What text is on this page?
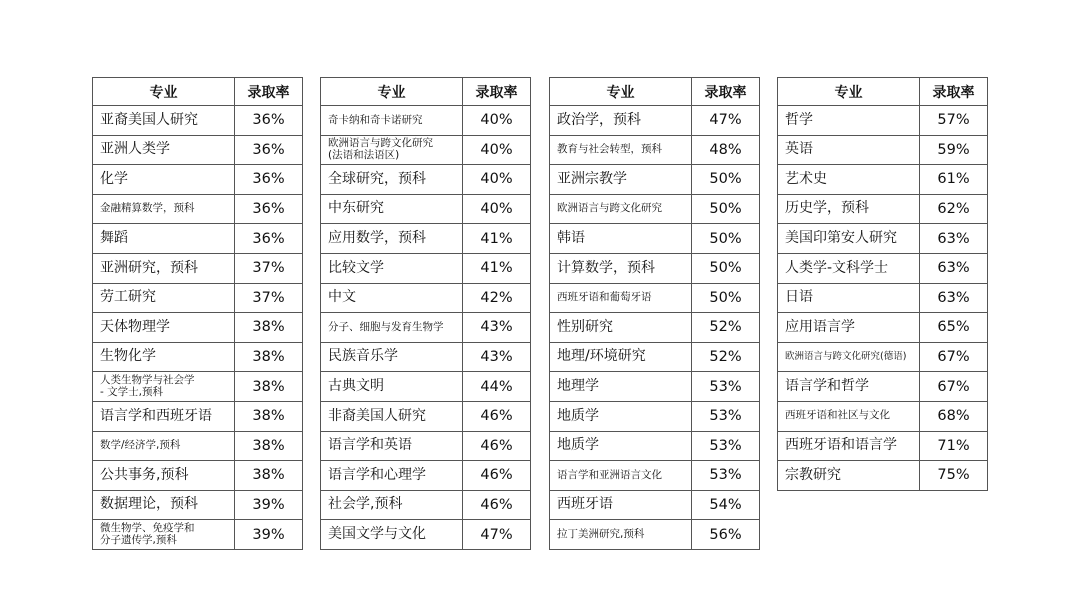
专业	录取率
亚裔美国人研究	36%
亚洲人类学	36%
化学	36%
金融精算数学，预科	36%
舞蹈	36%
亚洲研究，预科	37%
劳工研究	37%
天体物理学	38%
生物化学	38%
人类生物学与社会学
- 文学士,预科	38%
语言学和西班牙语	38%
数学/经济学,预科	38%
公共事务,预科	38%
数据理论，预科	39%
微生物学、免疫学和
分子遗传学,预科	39%
专业	录取率
奇卡纳和奇卡诺研究	40%
欧洲语言与跨文化研究
(法语和法语区)	40%
全球研究，预科	40%
中东研究	40%
应用数学，预科	41%
比较文学	41%
中文	42%
分子、细胞与发育生物学	43%
民族音乐学	43%
古典文明	44%
非裔美国人研究	46%
语言学和英语	46%
语言学和心理学	46%
社会学,预科	46%
美国文学与文化	47%
专业	录取率
政治学，预科	47%
教育与社会转型，预科	48%
亚洲宗教学	50%
欧洲语言与跨文化研究	50%
韩语	50%
计算数学，预科	50%
西班牙语和葡萄牙语	50%
性别研究	52%
地理/环境研究	52%
地理学	53%
地质学	53%
地质学	53%
语言学和亚洲语言文化	53%
西班牙语	54%
拉丁美洲研究,预科	56%
专业	录取率
哲学	57%
英语	59%
艺术史	61%
历史学，预科	62%
美国印第安人研究	63%
人类学-文科学士	63%
日语	63%
应用语言学	65%
欧洲语言与跨文化研究(德语)	67%
语言学和哲学	67%
西班牙语和社区与文化	68%
西班牙语和语言学	71%
宗教研究	75%
